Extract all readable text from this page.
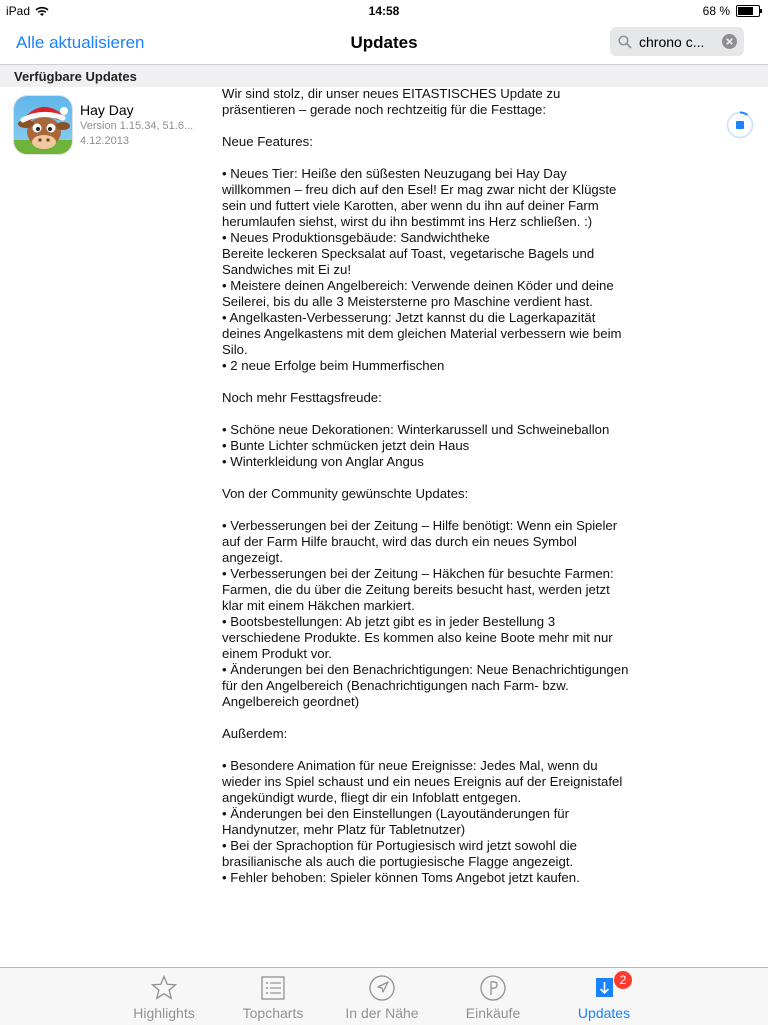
iPad	14:58	68 %
Alle aktualisieren	Updates	chrono c...
Verfügbare Updates
Hay Day
Version 1.15.34, 51.6...
4.12.2013

Wir sind stolz, dir unser neues EITASTISCHES Update zu präsentieren – gerade noch rechtzeitig für die Festtage:

Neue Features:

• Neues Tier: Heiße den süßesten Neuzugang bei Hay Day willkommen – freu dich auf den Esel! Er mag zwar nicht der Klügste sein und futtert viele Karotten, aber wenn du ihn auf deiner Farm herumlaufen siehst, wirst du ihn bestimmt ins Herz schließen. :)

• Neues Produktionsgebäude: Sandwichtheke

Bereite leckeren Specksalat auf Toast, vegetarische Bagels und Sandwiches mit Ei zu!

• Meistere deinen Angelbereich: Verwende deinen Köder und deine Seilerei, bis du alle 3 Meistersterne pro Maschine verdient hast.

• Angelkasten-Verbesserung: Jetzt kannst du die Lagerkapazität deines Angelkastens mit dem gleichen Material verbessern wie beim Silo.

• 2 neue Erfolge beim Hummerfischen

Noch mehr Festtagsfreude:

• Schöne neue Dekorationen: Winterkarussell und Schweineballon

• Bunte Lichter schmücken jetzt dein Haus

• Winterkleidung von Anglar Angus

Von der Community gewünschte Updates:

• Verbesserungen bei der Zeitung – Hilfe benötigt: Wenn ein Spieler auf der Farm Hilfe braucht, wird das durch ein neues Symbol angezeigt.

• Verbesserungen bei der Zeitung – Häkchen für besuchte Farmen: Farmen, die du über die Zeitung bereits besucht hast, werden jetzt klar mit einem Häkchen markiert.

• Bootsbestellungen: Ab jetzt gibt es in jeder Bestellung 3 verschiedene Produkte. Es kommen also keine Boote mehr mit nur einem Produkt vor.

• Änderungen bei den Benachrichtigungen: Neue Benachrichtigungen für den Angelbereich (Benachrichtigungen nach Farm- bzw. Angelbereich geordnet)

Außerdem:

• Besondere Animation für neue Ereignisse: Jedes Mal, wenn du wieder ins Spiel schaust und ein neues Ereignis auf der Ereignistafel angekündigt wurde, fliegt dir ein Infoblatt entgegen.

• Änderungen bei den Einstellungen (Layoutänderungen für Handynutzer, mehr Platz für Tabletnutzer)

• Bei der Sprachoption für Portugiesisch wird jetzt sowohl die brasilianische als auch die portugiesische Flagge angezeigt.

• Fehler behoben: Spieler können Toms Angebot jetzt kaufen.

Highlights	Topcharts	In der Nähe	Einkäufe
2
Updates
